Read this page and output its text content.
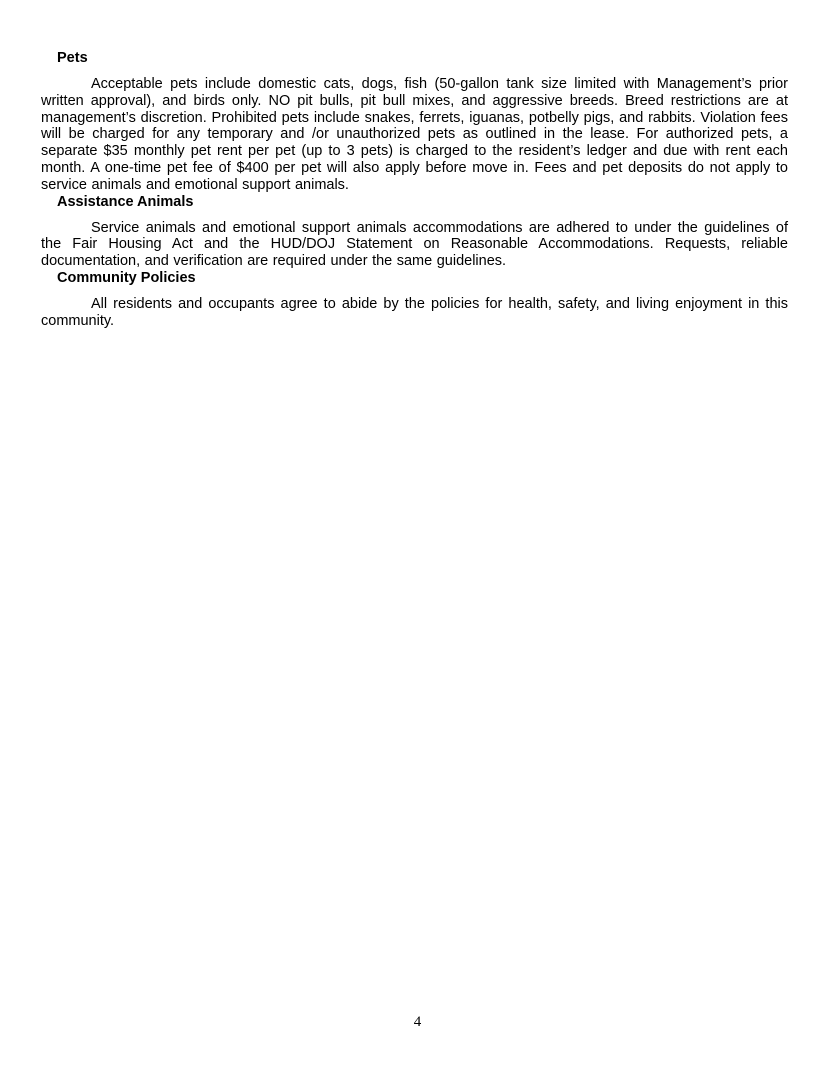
Pets

Acceptable pets include domestic cats, dogs, fish (50-gallon tank size limited with Management’s prior written approval), and birds only. NO pit bulls, pit bull mixes, and aggressive breeds. Breed restrictions are at management’s discretion. Prohibited pets include snakes, ferrets, iguanas, potbelly pigs, and rabbits. Violation fees will be charged for any temporary and /or unauthorized pets as outlined in the lease. For authorized pets, a separate $35 monthly pet rent per pet (up to 3 pets) is charged to the resident’s ledger and due with rent each month. A one-time pet fee of $400 per pet will also apply before move in. Fees and pet deposits do not apply to service animals and emotional support animals.

Assistance Animals

Service animals and emotional support animals accommodations are adhered to under the guidelines of the Fair Housing Act and the HUD/DOJ Statement on Reasonable Accommodations. Requests, reliable documentation, and verification are required under the same guidelines.

Community Policies

All residents and occupants agree to abide by the policies for health, safety, and living enjoyment in this community.

4
